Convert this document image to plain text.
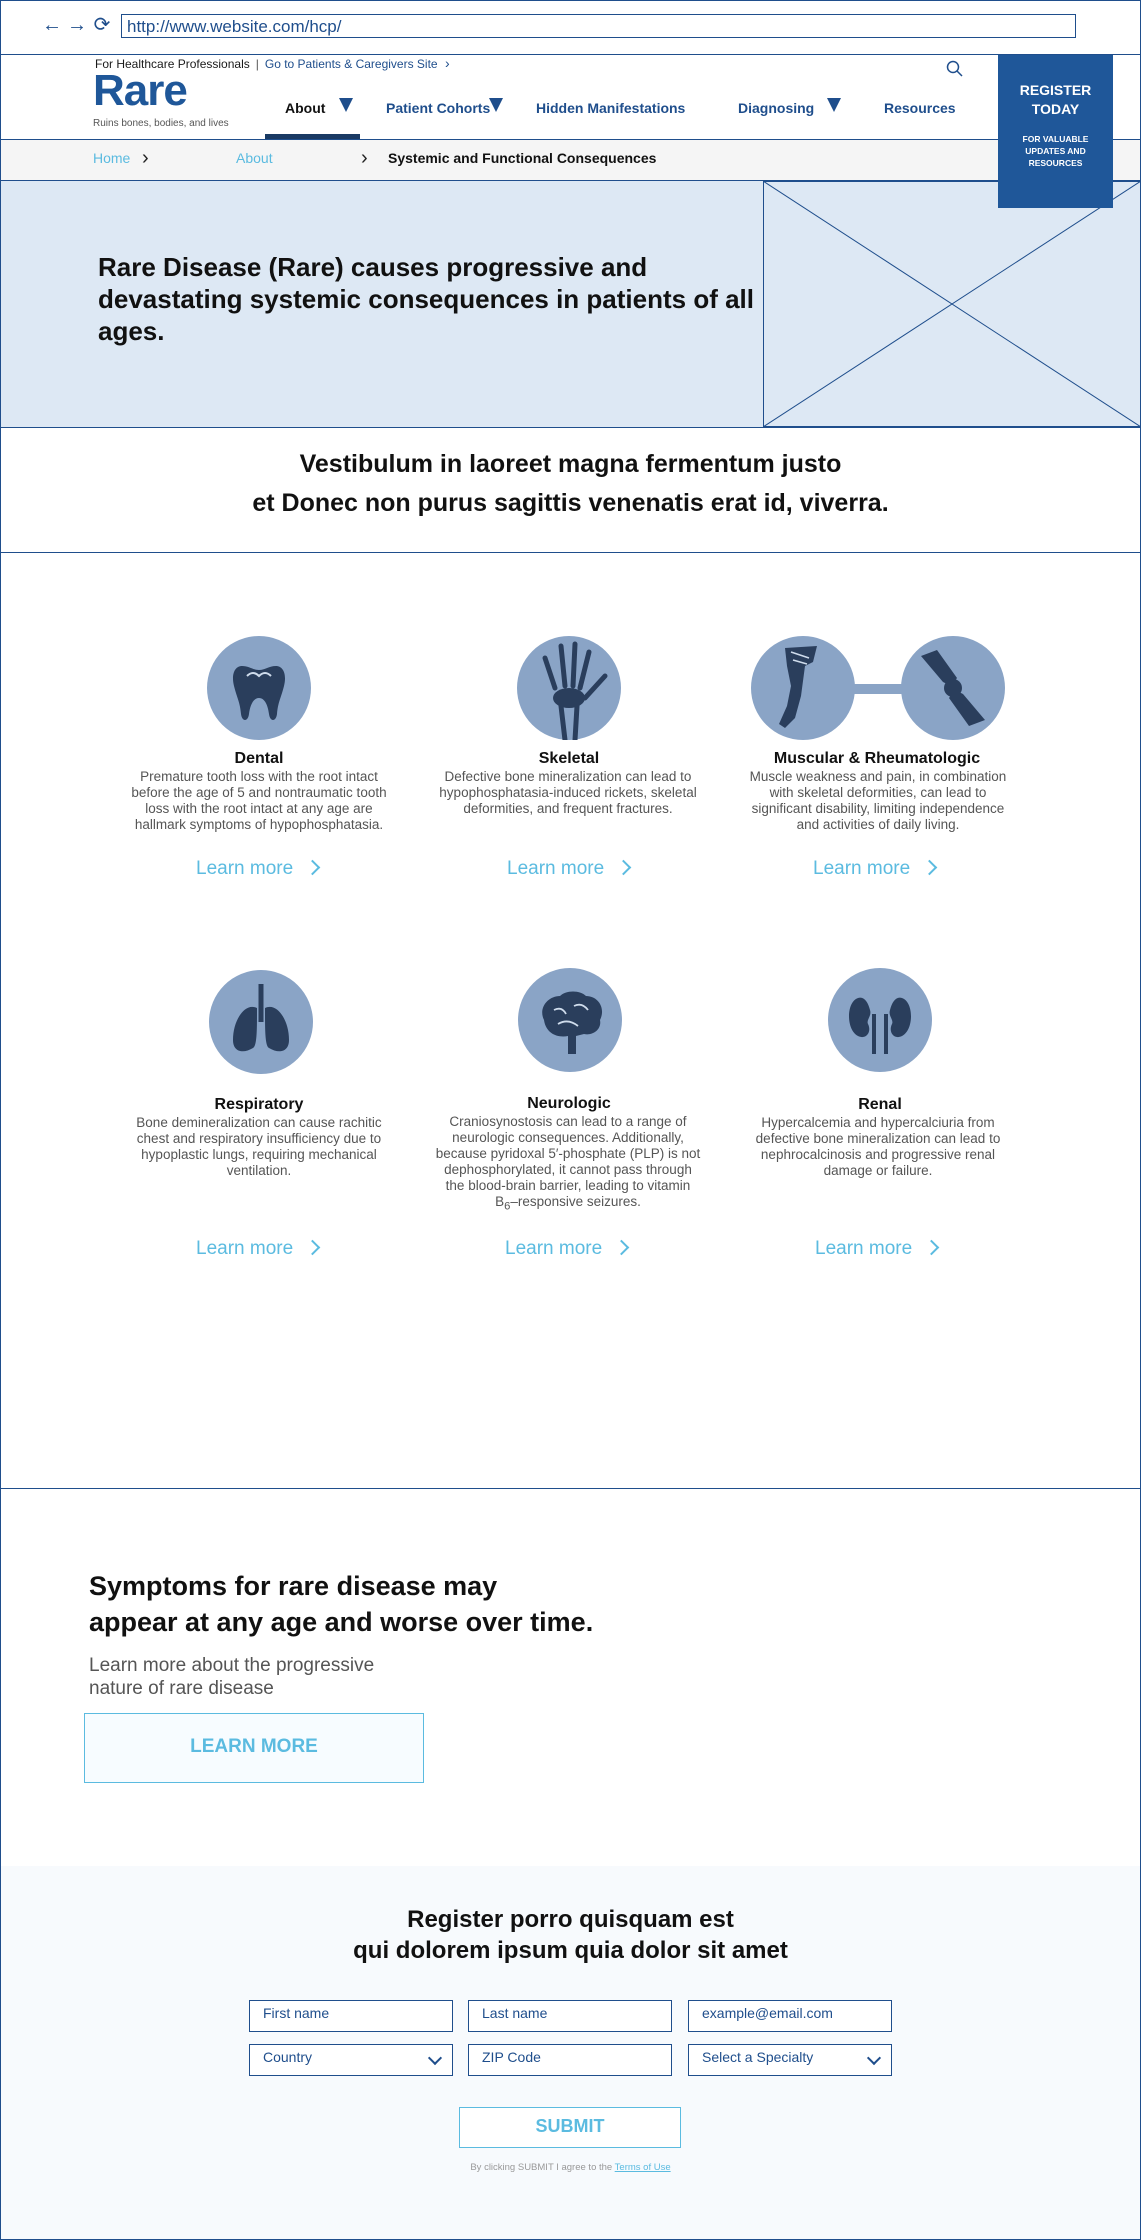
← → ⟳ http://www.website.com/hcp/
For Healthcare Professionals | Go to Patients & Caregivers Site ›
Rare
Ruins bones, bodies, and lives
About	Patient Cohorts	Hidden Manifestations	Diagnosing	Resources
REGISTER
TODAY
FOR VALUABLE
UPDATES AND
RESOURCES
Home ›	About	› Systemic and Functional Consequences
Rare Disease (Rare) causes progressive and devastating systemic consequences in patients of all ages.
Vestibulum in laoreet magna fermentum justo
et Donec non purus sagittis venenatis erat id, viverra.
Dental	Skeletal	Muscular & Rheumatologic
Respiratory	Neurologic	Renal
Premature tooth loss with the root intact before the age of 5 and nontraumatic tooth loss with the root intact at any age are hallmark symptoms of hypophosphatasia.
Defective bone mineralization can lead to hypophosphatasia-induced rickets, skeletal deformities, and frequent fractures.
Muscle weakness and pain, in combination with skeletal deformities, can lead to significant disability, limiting independence and activities of daily living.
Bone demineralization can cause rachitic chest and respiratory insufficiency due to hypoplastic lungs, requiring mechanical ventilation.
Craniosynostosis can lead to a range of neurologic consequences. Additionally, because pyridoxal 5′-phosphate (PLP) is not dephosphorylated, it cannot pass through the blood-brain barrier, leading to vitamin $B_6$–responsive seizures.
Hypercalcemia and hypercalciuria from defective bone mineralization can lead to nephrocalcinosis and progressive renal damage or failure.
Learn more	Learn more	Learn more
Learn more	Learn more	Learn more
Symptoms for rare disease may
appear at any age and worse over time.
Learn more about the progressive
nature of rare disease
LEARN MORE
Register porro quisquam est
qui dolorem ipsum quia dolor sit amet
First name	Last name	example@email.com
Country	ZIP Code	Select a Specialty
SUBMIT
By clicking SUBMIT I agree to the Terms of Use
